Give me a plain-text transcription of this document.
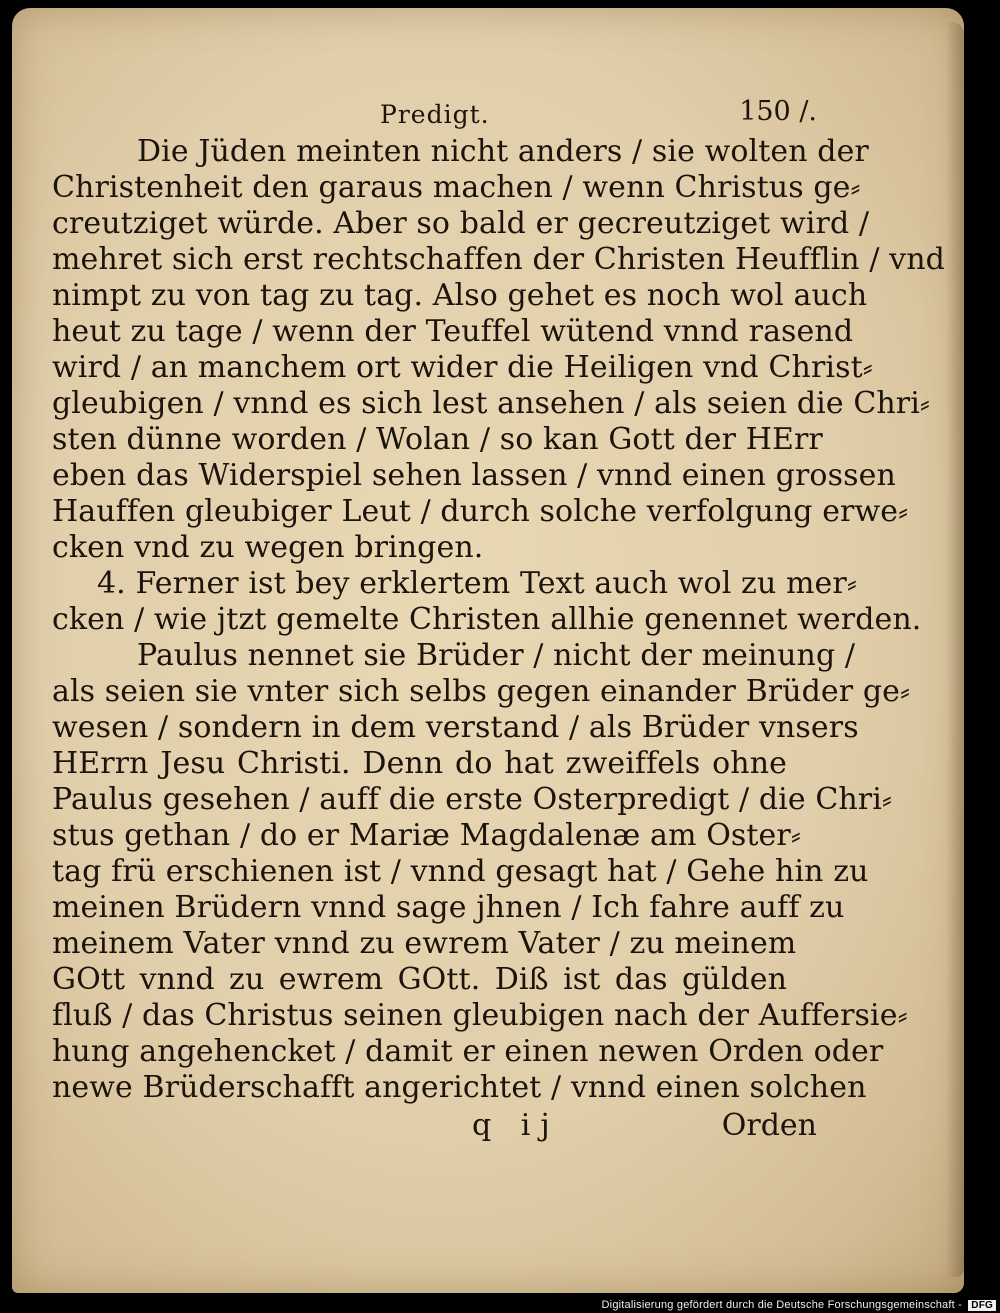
Predigt.	150 /.
Die Jüden meinten nicht anders / sie wolten der
Christenheit den garaus machen / wenn Christus ge⸗
creutziget würde. Aber so bald er gecreutziget wird /
mehret sich erst rechtschaffen der Christen Heufflin / vnd
nimpt zu von tag zu tag. Also gehet es noch wol auch
heut zu tage / wenn der Teuffel wütend vnnd rasend
wird / an manchem ort wider die Heiligen vnd Christ⸗
gleubigen / vnnd es sich lest ansehen / als seien die Chri⸗
sten dünne worden / Wolan / so kan Gott der HErr
eben das Widerspiel sehen lassen / vnnd einen grossen
Hauffen gleubiger Leut / durch solche verfolgung erwe⸗
cken vnd zu wegen bringen.
4. Ferner ist bey erklertem Text auch wol zu mer⸗
cken / wie jtzt gemelte Christen allhie genennet werden.
Paulus nennet sie Brüder / nicht der meinung /
als seien sie vnter sich selbs gegen einander Brüder ge⸗
wesen / sondern in dem verstand / als Brüder vnsers
HErrn Jesu Christi. Denn do hat zweiffels ohne
Paulus gesehen / auff die erste Osterpredigt / die Chri⸗
stus gethan / do er Mariæ Magdalenæ am Oster⸗
tag frü erschienen ist / vnnd gesagt hat / Gehe hin zu
meinen Brüdern vnnd sage jhnen / Ich fahre auff zu
meinem Vater vnnd zu ewrem Vater / zu meinem
GOtt vnnd zu ewrem GOtt. Diß ist das gülden
fluß / das Christus seinen gleubigen nach der Auffersie⸗
hung angehencket / damit er einen newen Orden oder
newe Brüderschafft angerichtet / vnnd einen solchen
q ij	Orden
Digitalisierung gefördert durch die Deutsche Forschungsgemeinschaft - DFG
